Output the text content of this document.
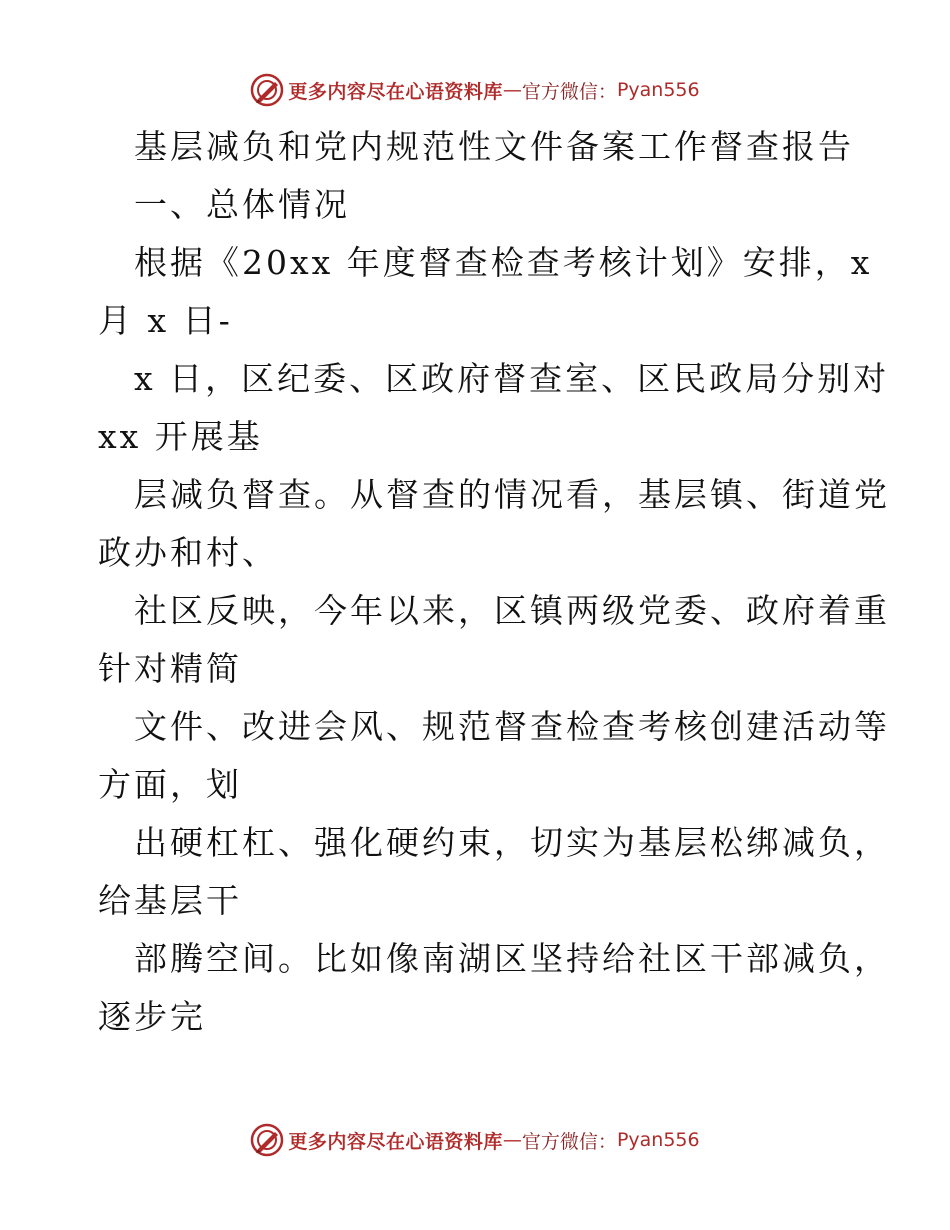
更多内容尽在心语资料库 — 官方微信： Pyan556
基层减负和党内规范性文件备案工作督查报告
一、总体情况
根据《20xx 年度督查检查考核计划》安排，x
月 x 日-
x 日，区纪委、区政府督查室、区民政局分别对
xx 开展基
层减负督查。从督查的情况看，基层镇、街道党
政办和村、
社区反映，今年以来，区镇两级党委、政府着重
针对精简
文件、改进会风、规范督查检查考核创建活动等
方面，划
出硬杠杠、强化硬约束，切实为基层松绑减负，
给基层干
部腾空间。比如像南湖区坚持给社区干部减负，
逐步完
更多内容尽在心语资料库 — 官方微信： Pyan556
